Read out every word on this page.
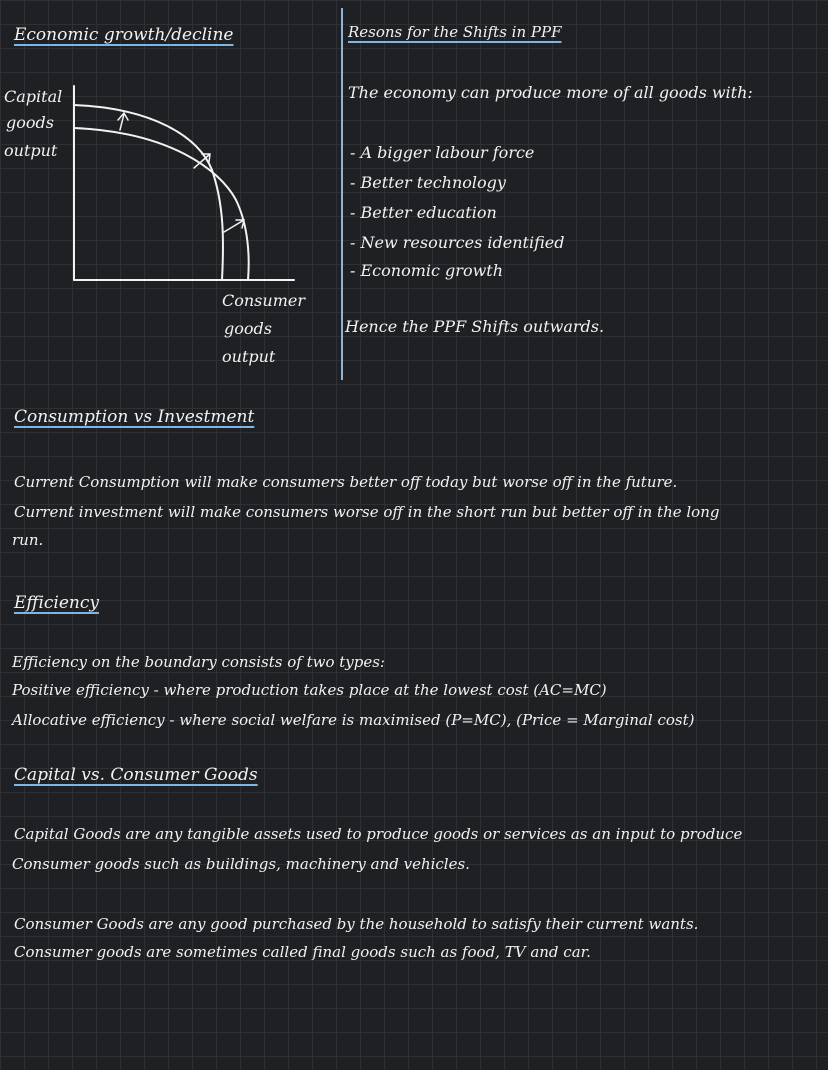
Economic growth/decline
Capital
goods
output
Consumer
goods
output
Resons for the Shifts in PPF
The economy can produce more of all goods with:
- A bigger labour force
- Better technology
- Better education
- New resources identified
- Economic growth
Hence the PPF Shifts outwards.
Consumption vs Investment
Current Consumption will make consumers better off today but worse off in the future.
Current investment will make consumers worse off in the short run but better off in the long
run.
Efficiency
Efficiency on the boundary consists of two types:
Positive efficiency - where production takes place at the lowest cost (AC=MC)
Allocative efficiency - where social welfare is maximised (P=MC), (Price = Marginal cost)
Capital vs. Consumer Goods
Capital Goods are any tangible assets used to produce goods or services as an input to produce
Consumer goods such as buildings, machinery and vehicles.
Consumer Goods are any good purchased by the household to satisfy their current wants.
Consumer goods are sometimes called final goods such as food, TV and car.
